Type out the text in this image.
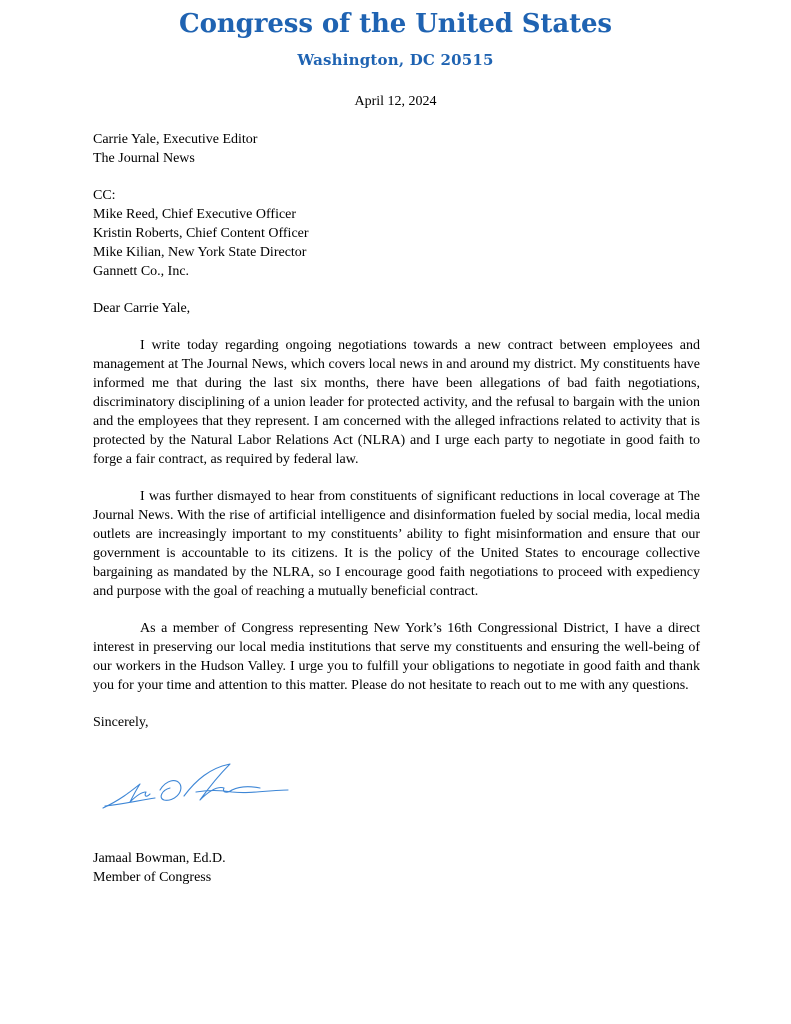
Congress of the United States
Washington, DC 20515
April 12, 2024
Carrie Yale, Executive Editor
The Journal News
CC:
Mike Reed, Chief Executive Officer
Kristin Roberts, Chief Content Officer
Mike Kilian, New York State Director
Gannett Co., Inc.
Dear Carrie Yale,

I write today regarding ongoing negotiations towards a new contract between employees and management at The Journal News, which covers local news in and around my district. My constituents have informed me that during the last six months, there have been allegations of bad faith negotiations, discriminatory disciplining of a union leader for protected activity, and the refusal to bargain with the union and the employees that they represent. I am concerned with the alleged infractions related to activity that is protected by the Natural Labor Relations Act (NLRA) and I urge each party to negotiate in good faith to forge a fair contract, as required by federal law.

I was further dismayed to hear from constituents of significant reductions in local coverage at The Journal News. With the rise of artificial intelligence and disinformation fueled by social media, local media outlets are increasingly important to my constituents’ ability to fight misinformation and ensure that our government is accountable to its citizens. It is the policy of the United States to encourage collective bargaining as mandated by the NLRA, so I encourage good faith negotiations to proceed with expediency and purpose with the goal of reaching a mutually beneficial contract.

As a member of Congress representing New York’s 16th Congressional District, I have a direct interest in preserving our local media institutions that serve my constituents and ensuring the well-being of our workers in the Hudson Valley. I urge you to fulfill your obligations to negotiate in good faith and thank you for your time and attention to this matter. Please do not hesitate to reach out to me with any questions.

Sincerely,
Jamaal Bowman, Ed.D.
Member of Congress
